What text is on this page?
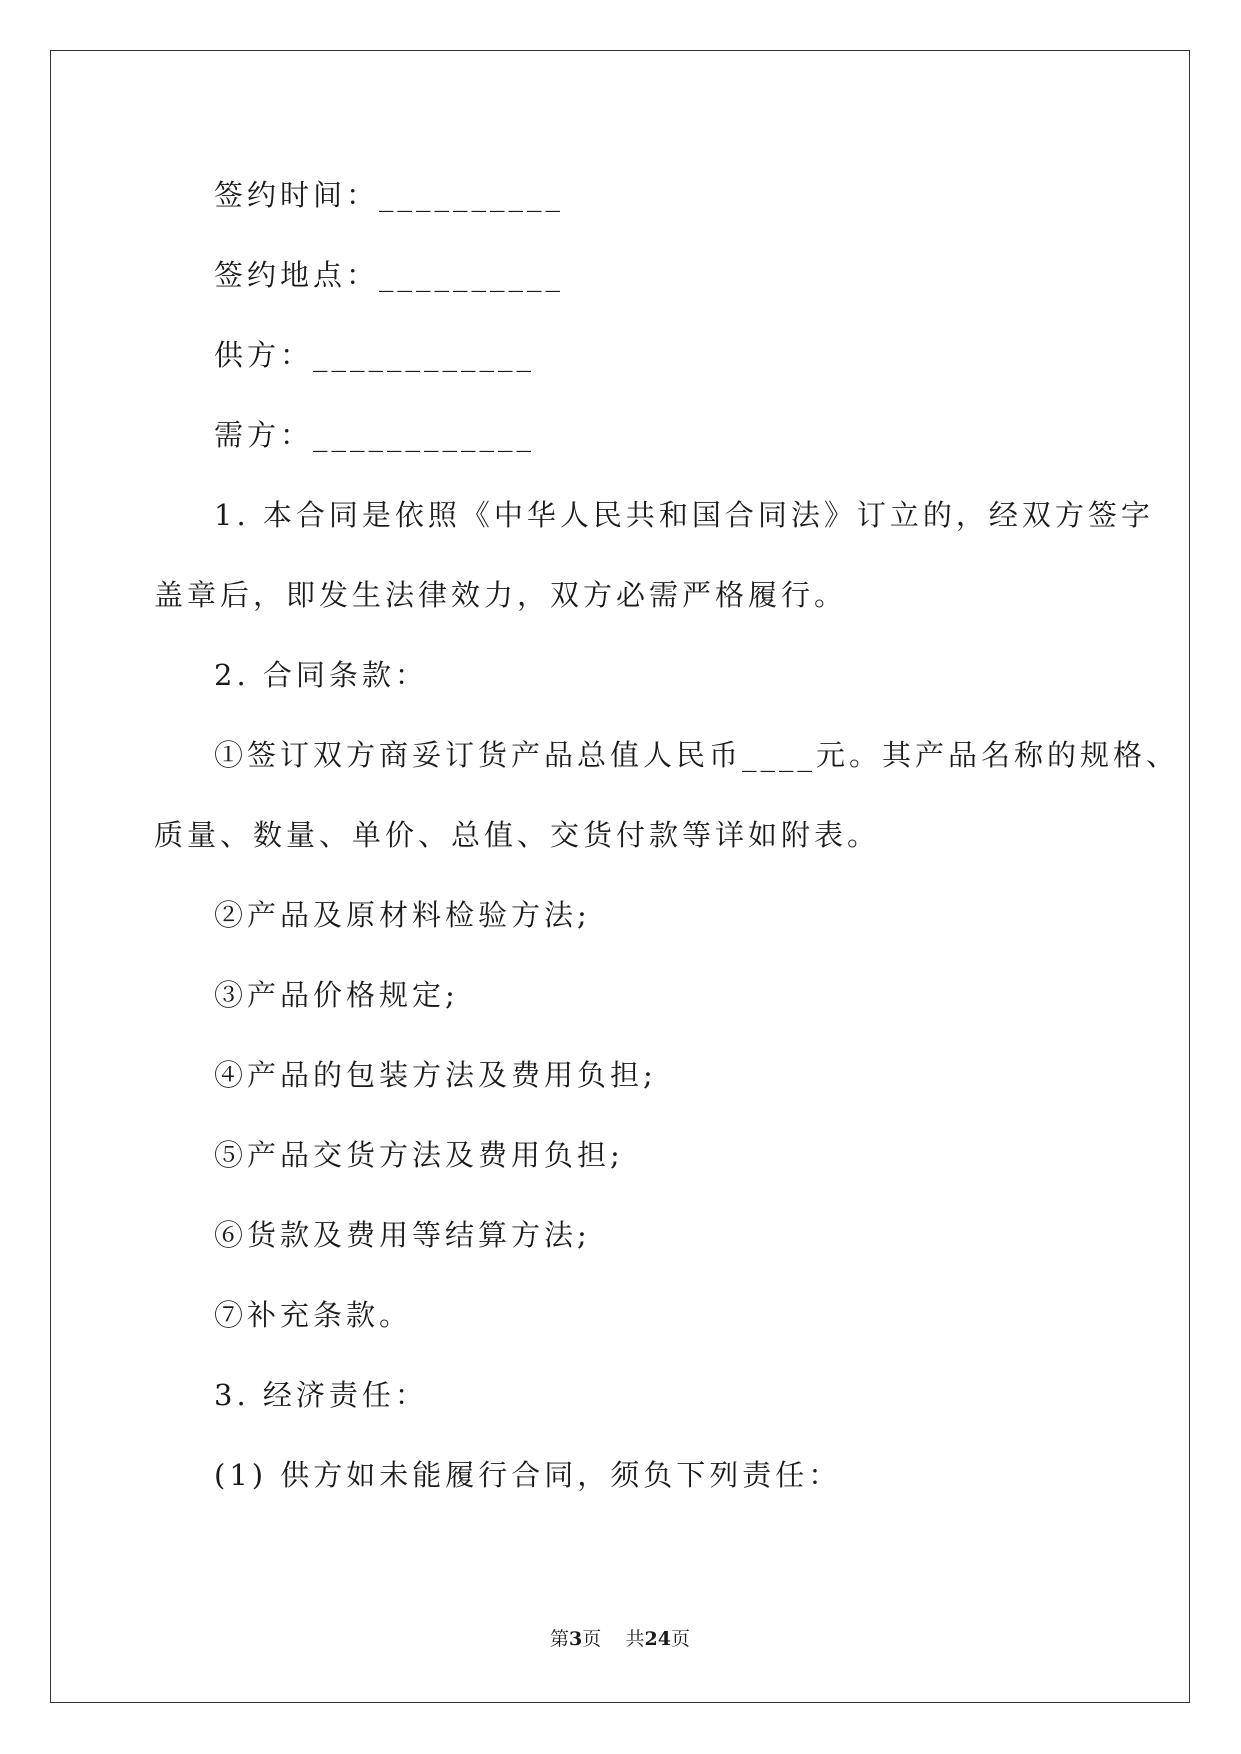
签约时间：__________
签约地点：__________
供方：____________
需方：____________
1. 本合同是依照《中华人民共和国合同法》订立的，经双方签字
盖章后，即发生法律效力，双方必需严格履行。
2. 合同条款：
①签订双方商妥订货产品总值人民币____元。其产品名称的规格、
质量、数量、单价、总值、交货付款等详如附表。
②产品及原材料检验方法;
③产品价格规定;
④产品的包装方法及费用负担;
⑤产品交货方法及费用负担;
⑥货款及费用等结算方法;
⑦补充条款。
3. 经济责任：
(1) 供方如未能履行合同，须负下列责任：
第3页 共24页
